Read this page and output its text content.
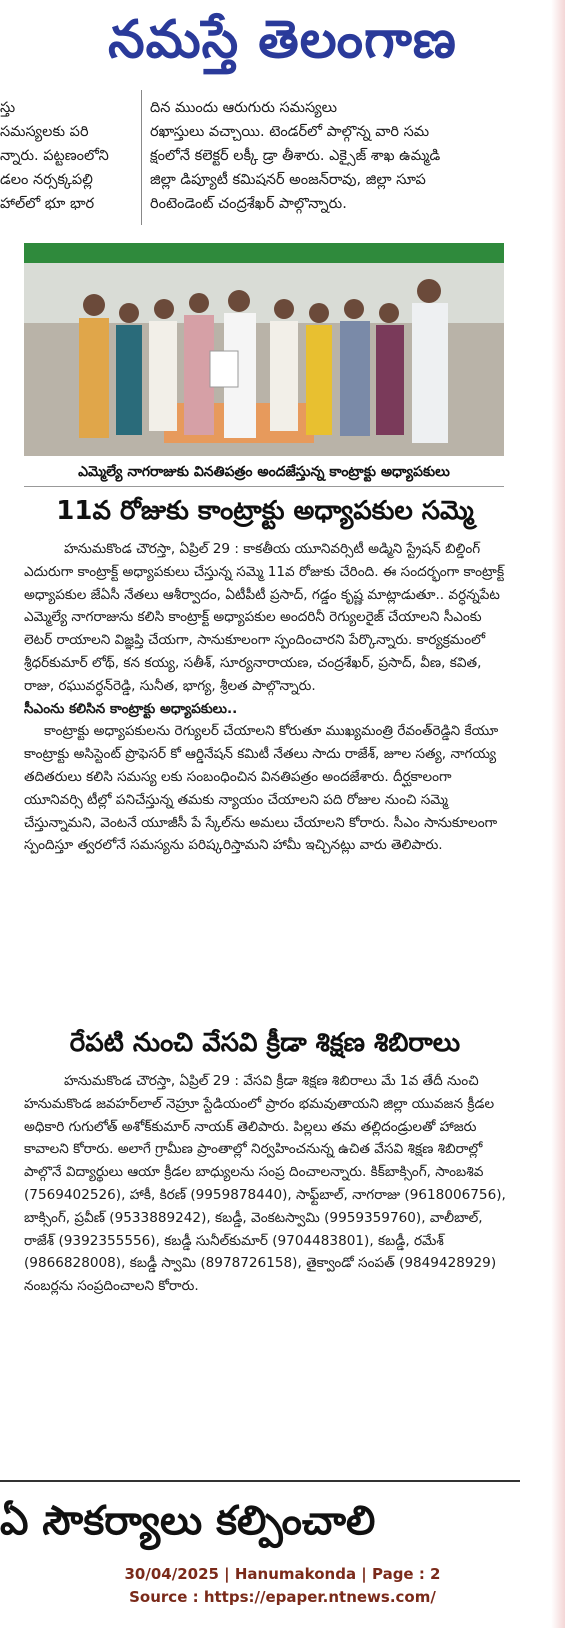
నమస్తే తెలంగాణ
స్తు
సమస్యలకు పరి
న్నారు. పట్టణంలోని
డలం నర్సక్కపల్లి
హాల్‌లో భూ భార
దిన ముందు ఆరుగురు సమస్యలు
రఖాస్తులు వచ్చాయి. టెండర్‌లో పాల్గొన్న వారి సమ
క్షంలోనే కలెక్టర్ లక్కీ డ్రా తీశారు. ఎక్సైజ్ శాఖ ఉమ్మడి
జిల్లా డిప్యూటీ కమిషనర్ అంజన్‌రావు, జిల్లా సూప
రింటెండెంట్ చంద్రశేఖర్ పాల్గొన్నారు.
ఎమ్మెల్యే నాగరాజుకు వినతిపత్రం అందజేస్తున్న కాంట్రాక్టు అధ్యాపకులు
11వ రోజుకు కాంట్రాక్టు అధ్యాపకుల సమ్మె

హనుమకొండ చౌరస్తా, ఏప్రిల్ 29 : కాకతీయ యూనివర్సిటీ అడ్మిని స్ట్రేషన్ బిల్డింగ్ ఎదురుగా కాంట్రాక్ట్ అధ్యాపకులు చేస్తున్న సమ్మె 11వ రోజుకు చేరింది. ఈ సందర్భంగా కాంట్రాక్ట్ అధ్యాపకుల జేఏసీ నేతలు ఆశీర్వాదం, ఏటీపీటీ ప్రసాద్, గడ్డం కృష్ణ మాట్లాడుతూ.. వర్ధన్నపేట ఎమ్మెల్యే నాగరాజును కలిసి కాంట్రాక్ట్ అధ్యాపకుల అందరినీ రెగ్యులరైజ్ చేయాలని సీఎంకు లెటర్ రాయాలని విజ్ఞప్తి చేయగా, సానుకూలంగా స్పందించారని పేర్కొన్నారు. కార్యక్రమంలో శ్రీధర్‌కుమార్ లోథ్, కన కయ్య, సతీశ్, సూర్యనారాయణ, చంద్రశేఖర్, ప్రసాద్, వీణ, కవిత, రాజు, రఘువర్ధన్‌రెడ్డి, సునీత, భాగ్య, శ్రీలత పాల్గొన్నారు.

సీఎంను కలిసిన కాంట్రాక్టు అధ్యాపకులు..

కాంట్రాక్టు అధ్యాపకులను రెగ్యులర్ చేయాలని కోరుతూ ముఖ్యమంత్రి రేవంత్‌రెడ్డిని కేయూ కాంట్రాక్టు అసిస్టెంట్ ప్రొఫెసర్ కో ఆర్డినేషన్ కమిటీ నేతలు సాదు రాజేశ్, జూల సత్య, నాగయ్య తదితరులు కలిసి సమస్య లకు సంబంధించిన వినతిపత్రం అందజేశారు. దీర్ఘకాలంగా యూనివర్సి టీల్లో పనిచేస్తున్న తమకు న్యాయం చేయాలని పది రోజుల నుంచి సమ్మె చేస్తున్నామని, వెంటనే యూజీసీ పే స్కేల్‌ను అమలు చేయాలని కోరారు. సీఎం సానుకూలంగా స్పందిస్తూ త్వరలోనే సమస్యను పరిష్కరిస్తామని హామీ ఇచ్చినట్లు వారు తెలిపారు.

రేపటి నుంచి వేసవి క్రీడా శిక్షణ శిబిరాలు

హనుమకొండ చౌరస్తా, ఏప్రిల్ 29 : వేసవి క్రీడా శిక్షణ శిబిరాలు మే 1వ తేదీ నుంచి హనుమకొండ జవహర్‌లాల్ నెహ్రూ స్టేడియంలో ప్రారం భమవుతాయని జిల్లా యువజన క్రీడల అధికారి గుగులోత్ అశోక్‌కుమార్ నాయక్ తెలిపారు. పిల్లలు తమ తల్లిదండ్రులతో హాజరు కావాలని కోరారు. అలాగే గ్రామీణ ప్రాంతాల్లో నిర్వహించనున్న ఉచిత వేసవి శిక్షణ శిబిరాల్లో పాల్గొనే విద్యార్థులు ఆయా క్రీడల బాధ్యులను సంప్ర దించాలన్నారు. కిక్‌బాక్సింగ్, సాంబశివ (7569402526), హాకీ, కిరణ్ (9959878440), సాఫ్ట్‌బాల్, నాగరాజు (9618006756), బాక్సింగ్, ప్రవీణ్ (9533889242), కబడ్డీ, వెంకటస్వామి (9959359760), వాలీబాల్, రాజేశ్ (9392355556), కబడ్డీ సునీల్‌కుమార్ (9704483801), కబడ్డీ, రమేశ్ (9866828008), కబడ్డీ స్వామి (8978726158), తైక్వాండో సంపత్ (9849428929) నంబర్లను సంప్రదించాలని కోరారు.

ఏ సౌకర్యాలు కల్పించాలి
30/04/2025 | Hanumakonda | Page : 2
Source : https://epaper.ntnews.com/
